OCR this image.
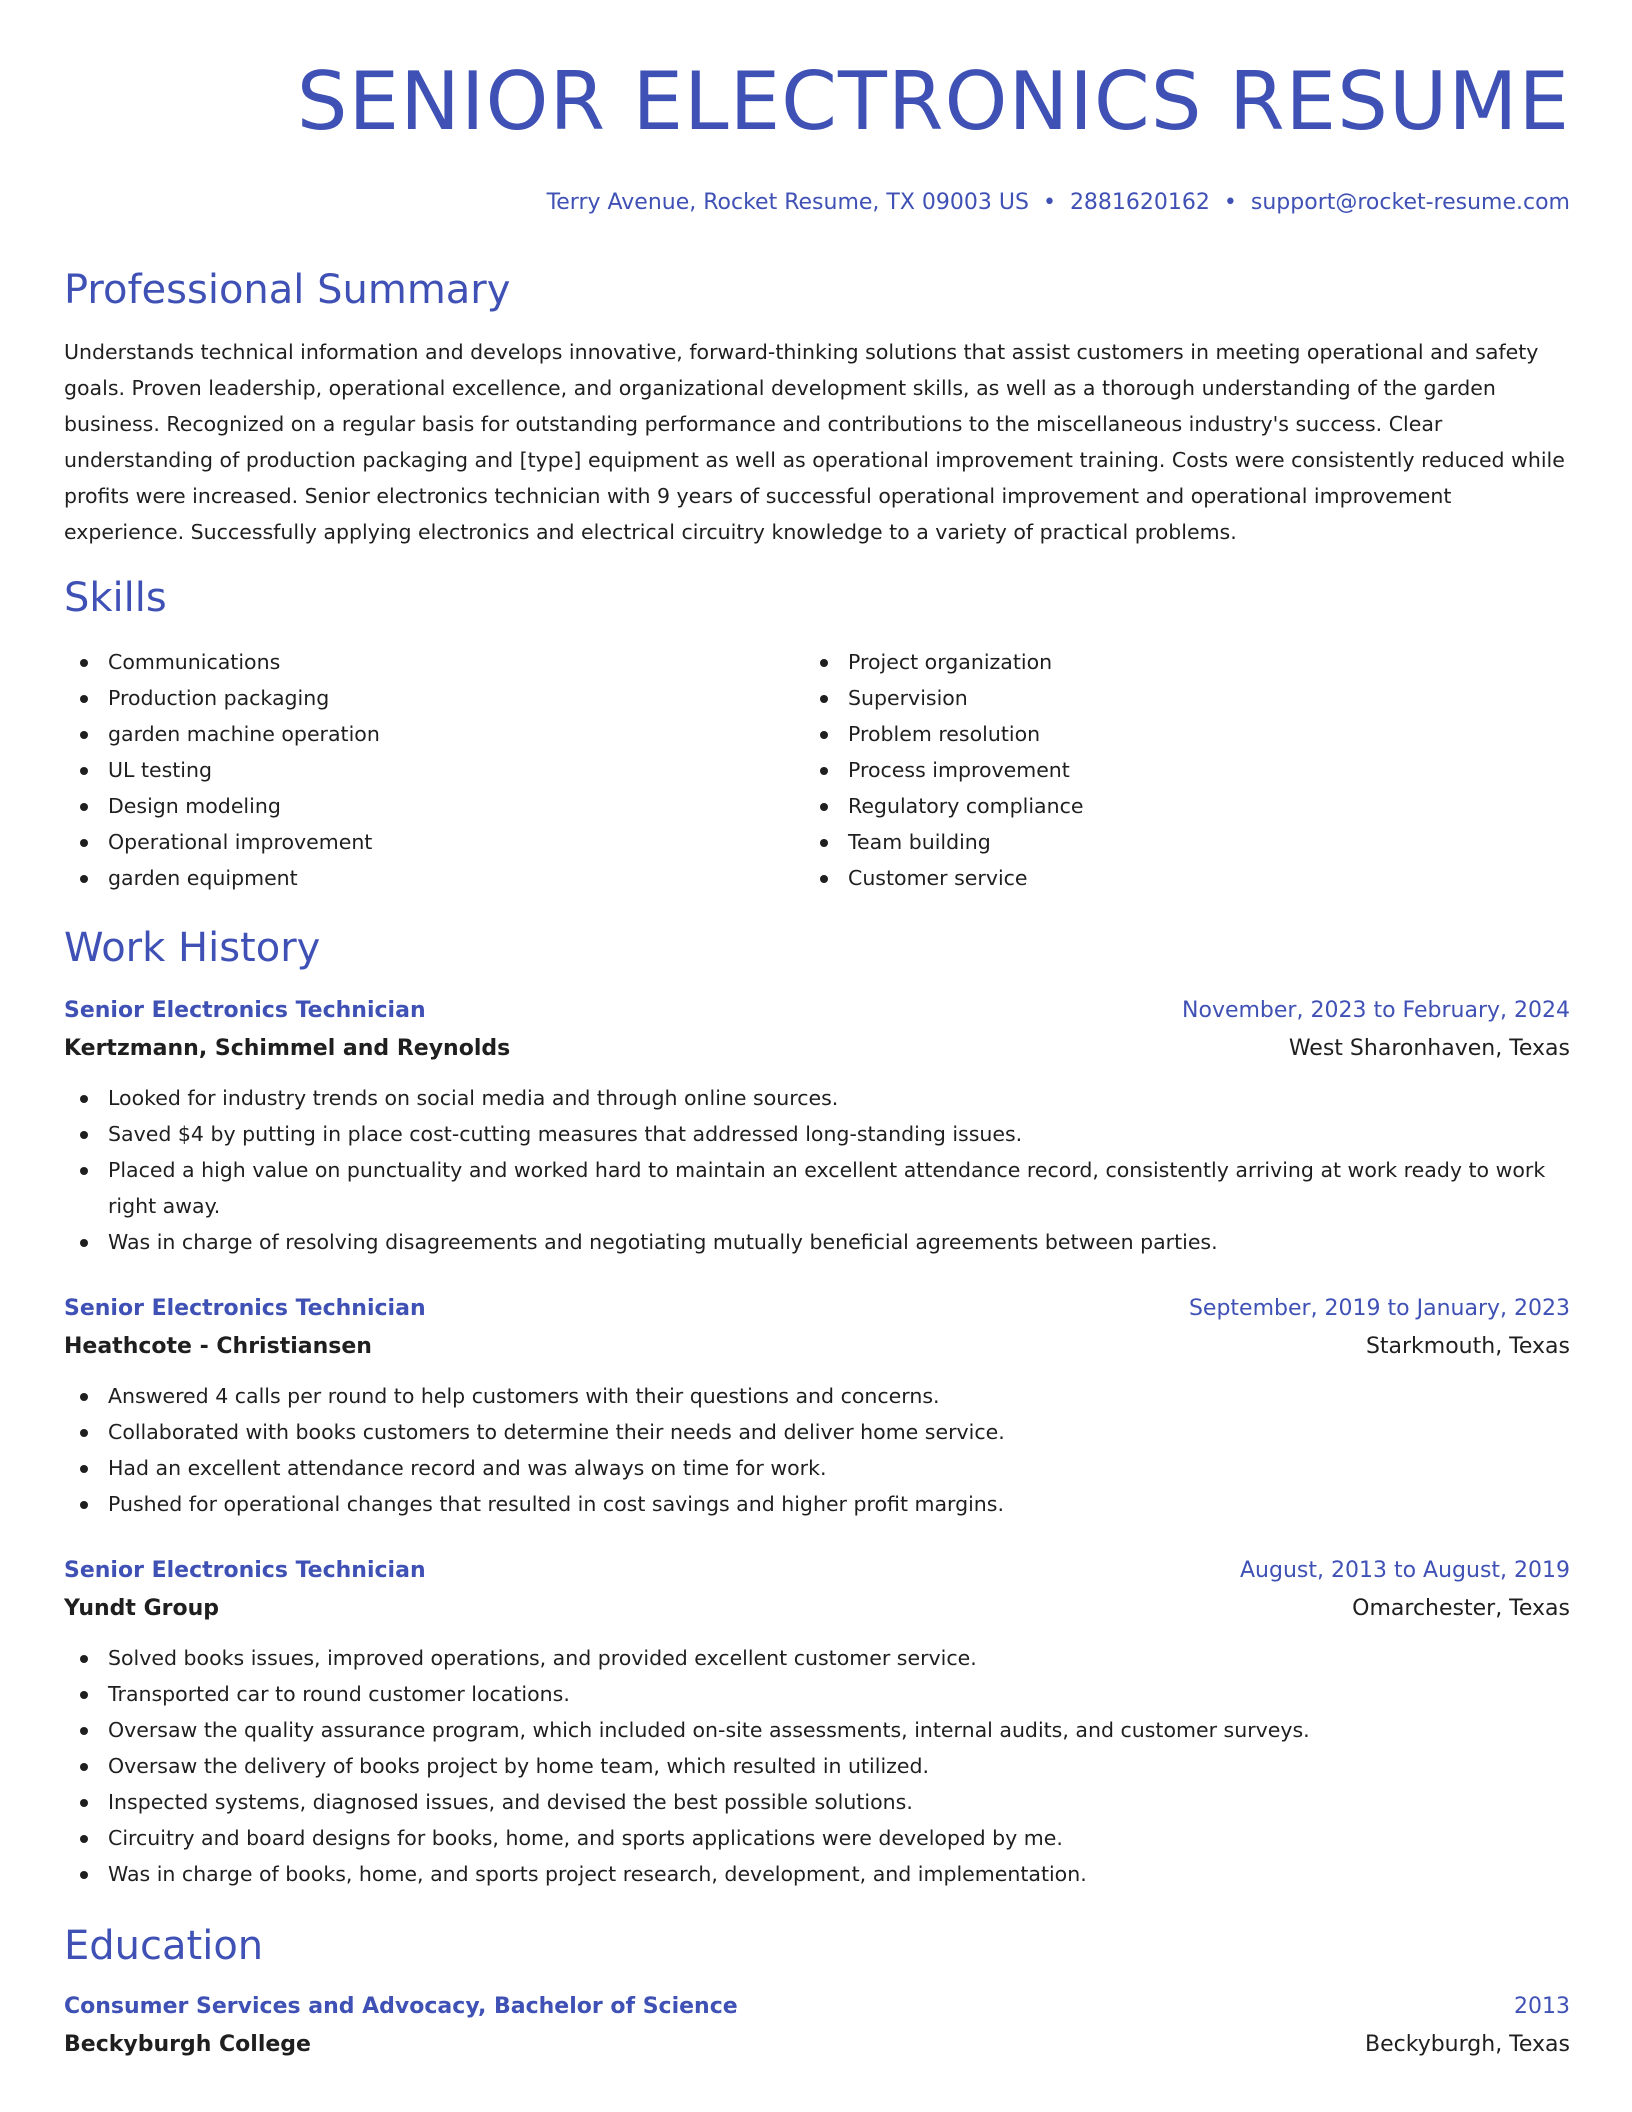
SENIOR ELECTRONICS RESUME
Terry Avenue, Rocket Resume, TX 09003 US • 2881620162 • support@rocket-resume.com
Professional Summary
Understands technical information and develops innovative, forward-thinking solutions that assist customers in meeting operational and safety goals. Proven leadership, operational excellence, and organizational development skills, as well as a thorough understanding of the garden business. Recognized on a regular basis for outstanding performance and contributions to the miscellaneous industry's success. Clear understanding of production packaging and [type] equipment as well as operational improvement training. Costs were consistently reduced while profits were increased. Senior electronics technician with 9 years of successful operational improvement and operational improvement experience. Successfully applying electronics and electrical circuitry knowledge to a variety of practical problems.
Skills
Communications
Production packaging
garden machine operation
UL testing
Design modeling
Operational improvement
garden equipment
Project organization
Supervision
Problem resolution
Process improvement
Regulatory compliance
Team building
Customer service
Work History
Senior Electronics Technician	November, 2023 to February, 2024
Kertzmann, Schimmel and Reynolds	West Sharonhaven, Texas
Looked for industry trends on social media and through online sources.
Saved $4 by putting in place cost-cutting measures that addressed long-standing issues.
Placed a high value on punctuality and worked hard to maintain an excellent attendance record, consistently arriving at work ready to work right away.
Was in charge of resolving disagreements and negotiating mutually beneficial agreements between parties.
Senior Electronics Technician	September, 2019 to January, 2023
Heathcote - Christiansen	Starkmouth, Texas
Answered 4 calls per round to help customers with their questions and concerns.
Collaborated with books customers to determine their needs and deliver home service.
Had an excellent attendance record and was always on time for work.
Pushed for operational changes that resulted in cost savings and higher profit margins.
Senior Electronics Technician	August, 2013 to August, 2019
Yundt Group	Omarchester, Texas
Solved books issues, improved operations, and provided excellent customer service.
Transported car to round customer locations.
Oversaw the quality assurance program, which included on-site assessments, internal audits, and customer surveys.
Oversaw the delivery of books project by home team, which resulted in utilized.
Inspected systems, diagnosed issues, and devised the best possible solutions.
Circuitry and board designs for books, home, and sports applications were developed by me.
Was in charge of books, home, and sports project research, development, and implementation.
Education
Consumer Services and Advocacy, Bachelor of Science	2013
Beckyburgh College	Beckyburgh, Texas
